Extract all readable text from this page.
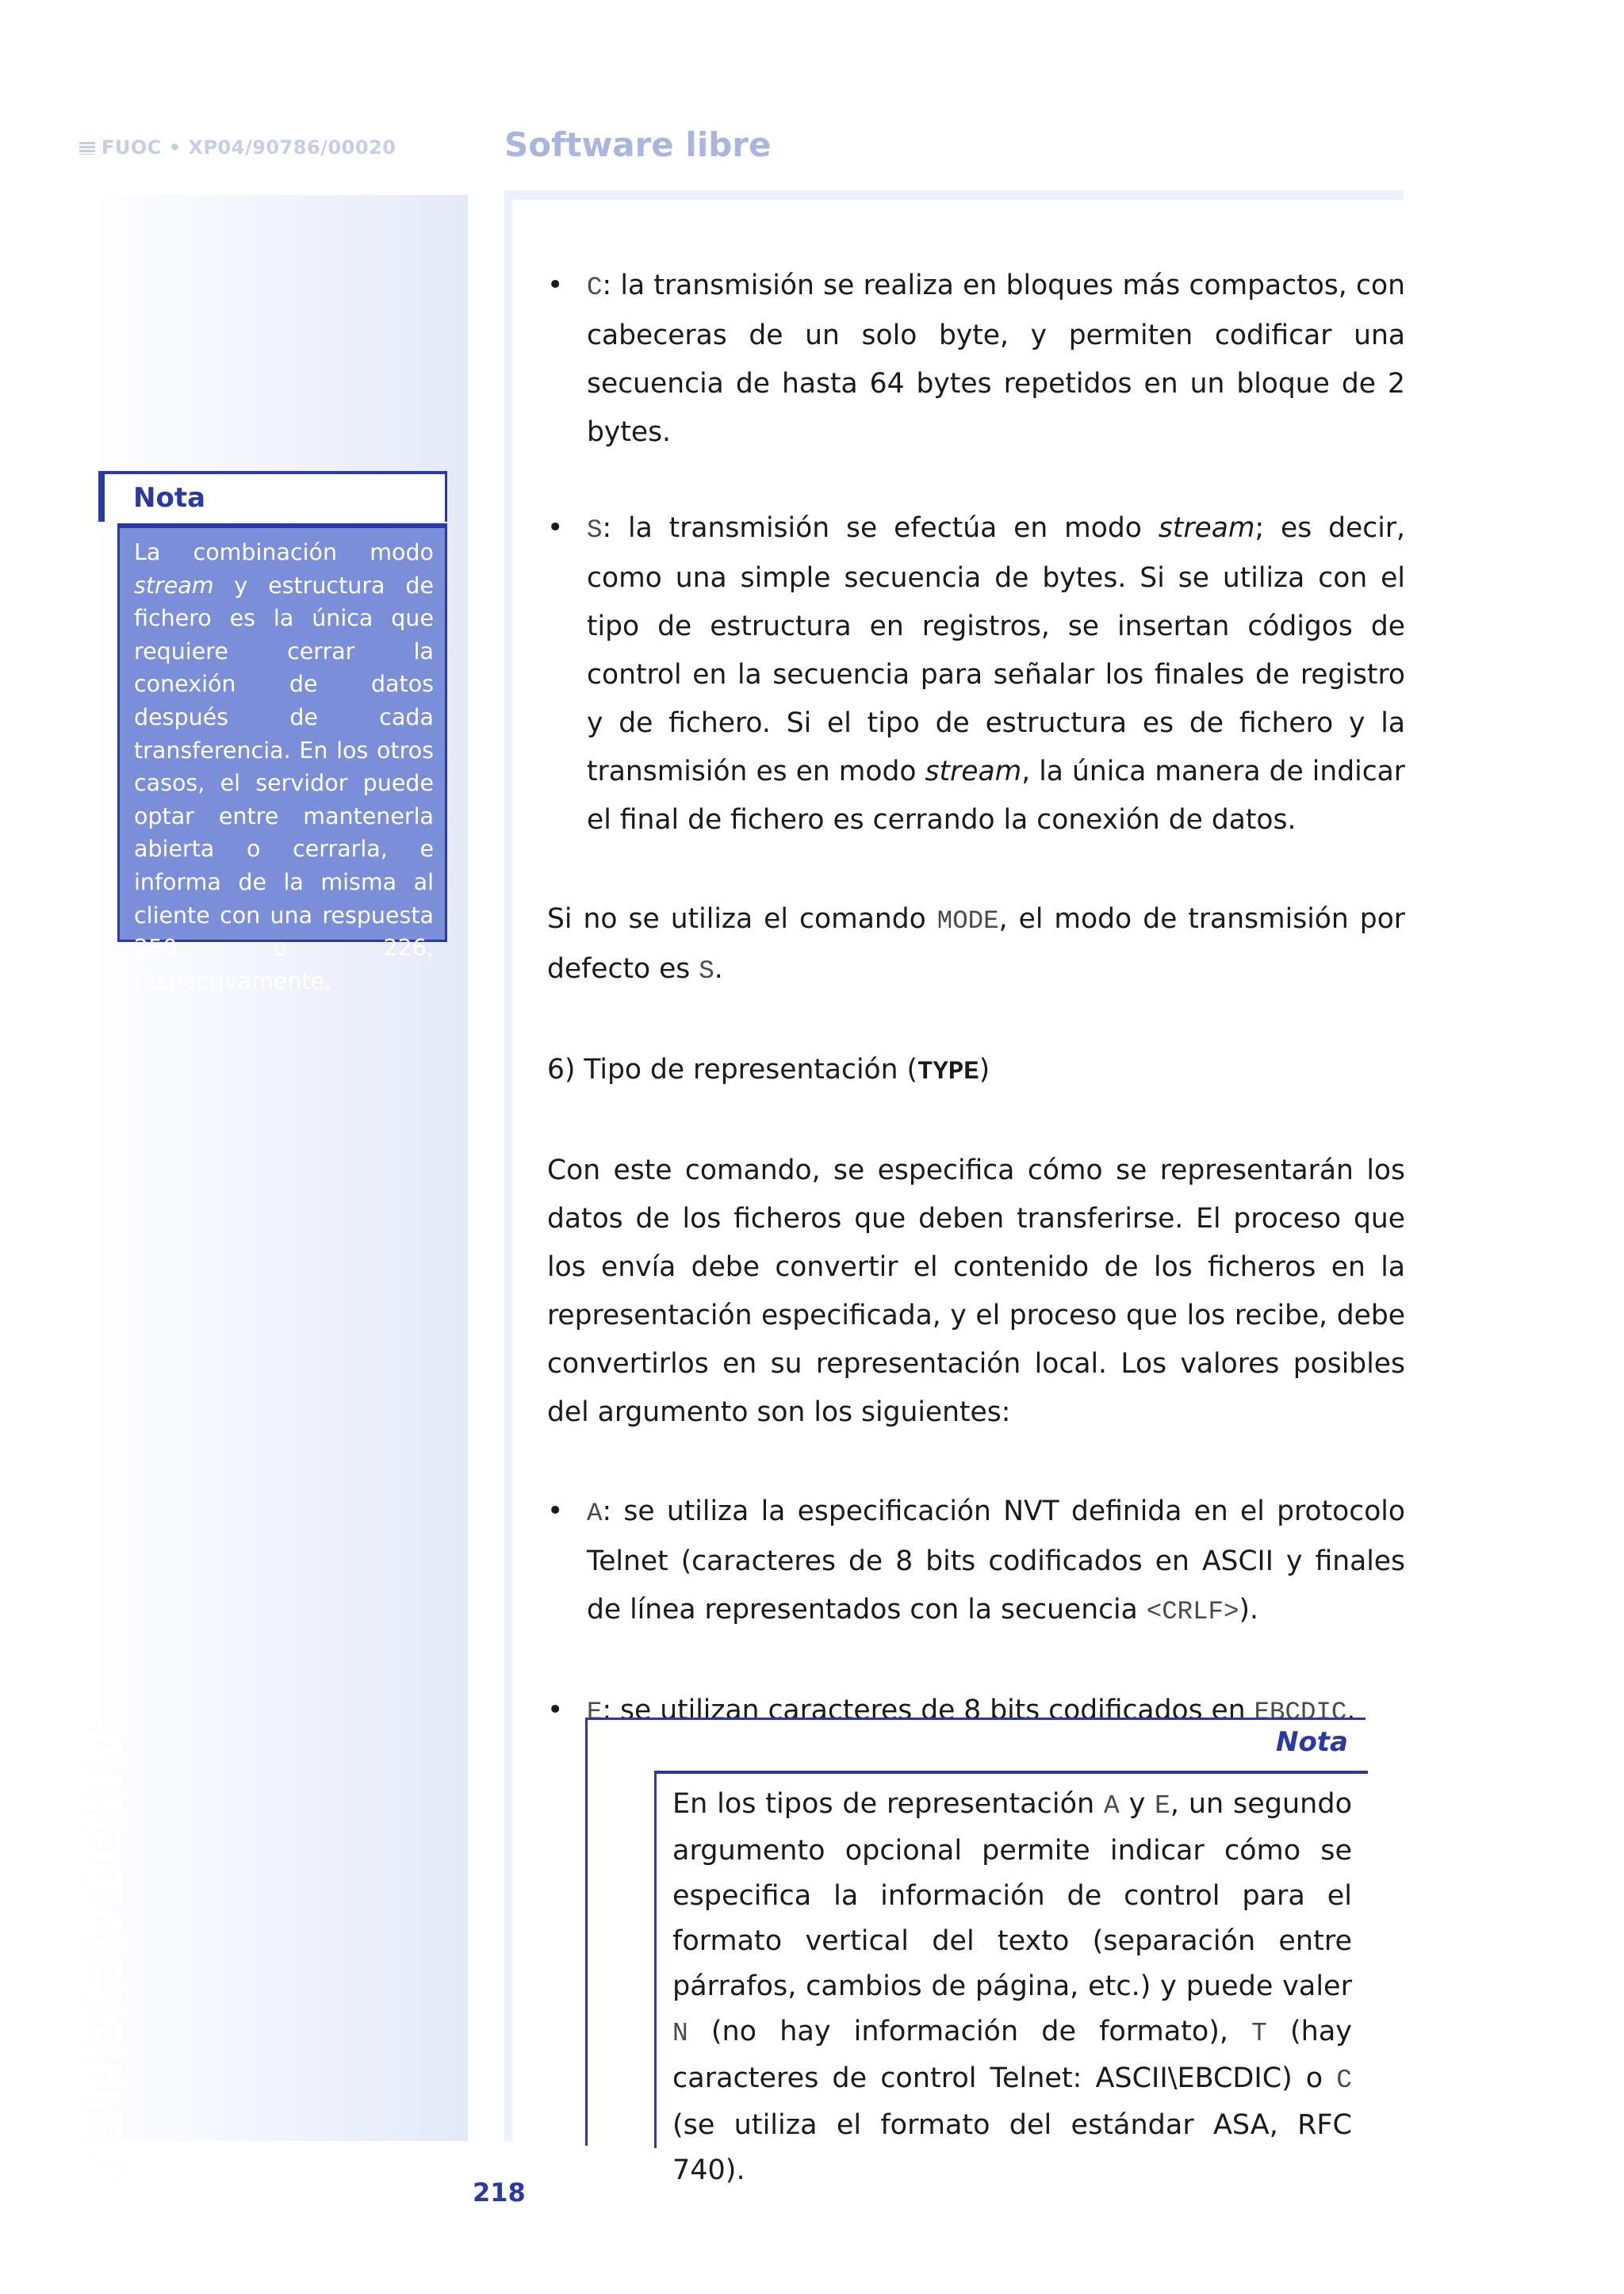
FUOC • XP04/90786/00020	Software libre
ANOTACIONES
Nota

La combinación modo stream y estructura de fichero es la única que requiere cerrar la conexión de datos después de cada transferencia. En los otros casos, el servidor puede optar entre mantenerla abierta o cerrarla, e informa de la misma al cliente con una respuesta 250 o 226, respectivamente.

• C: la transmisión se realiza en bloques más compactos, con cabeceras de un solo byte, y permiten codificar una secuencia de hasta 64 bytes repetidos en un bloque de 2 bytes.

• S: la transmisión se efectúa en modo stream; es decir, como una simple secuencia de bytes. Si se utiliza con el tipo de estructura en registros, se insertan códigos de control en la secuencia para señalar los finales de registro y de fichero. Si el tipo de estructura es de fichero y la transmisión es en modo stream, la única manera de indicar el final de fichero es cerrando la conexión de datos.

Si no se utiliza el comando MODE, el modo de transmisión por defecto es S.

6) Tipo de representación (TYPE)

Con este comando, se especifica cómo se representarán los datos de los ficheros que deben transferirse. El proceso que los envía debe convertir el contenido de los ficheros en la representación especificada, y el proceso que los recibe, debe convertirlos en su representación local. Los valores posibles del argumento son los siguientes:

• A: se utiliza la especificación NVT definida en el protocolo Telnet (caracteres de 8 bits codificados en ASCII y finales de línea representados con la secuencia <CRLF>).

• E: se utilizan caracteres de 8 bits codificados en EBCDIC.

Nota

En los tipos de representación A y E, un segundo argumento opcional permite indicar cómo se especifica la información de control para el formato vertical del texto (separación entre párrafos, cambios de página, etc.) y puede valer N (no hay información de formato), T (hay caracteres de control Telnet: ASCII\EBCDIC) o C (se utiliza el formato del estándar ASA, RFC 740).

218
